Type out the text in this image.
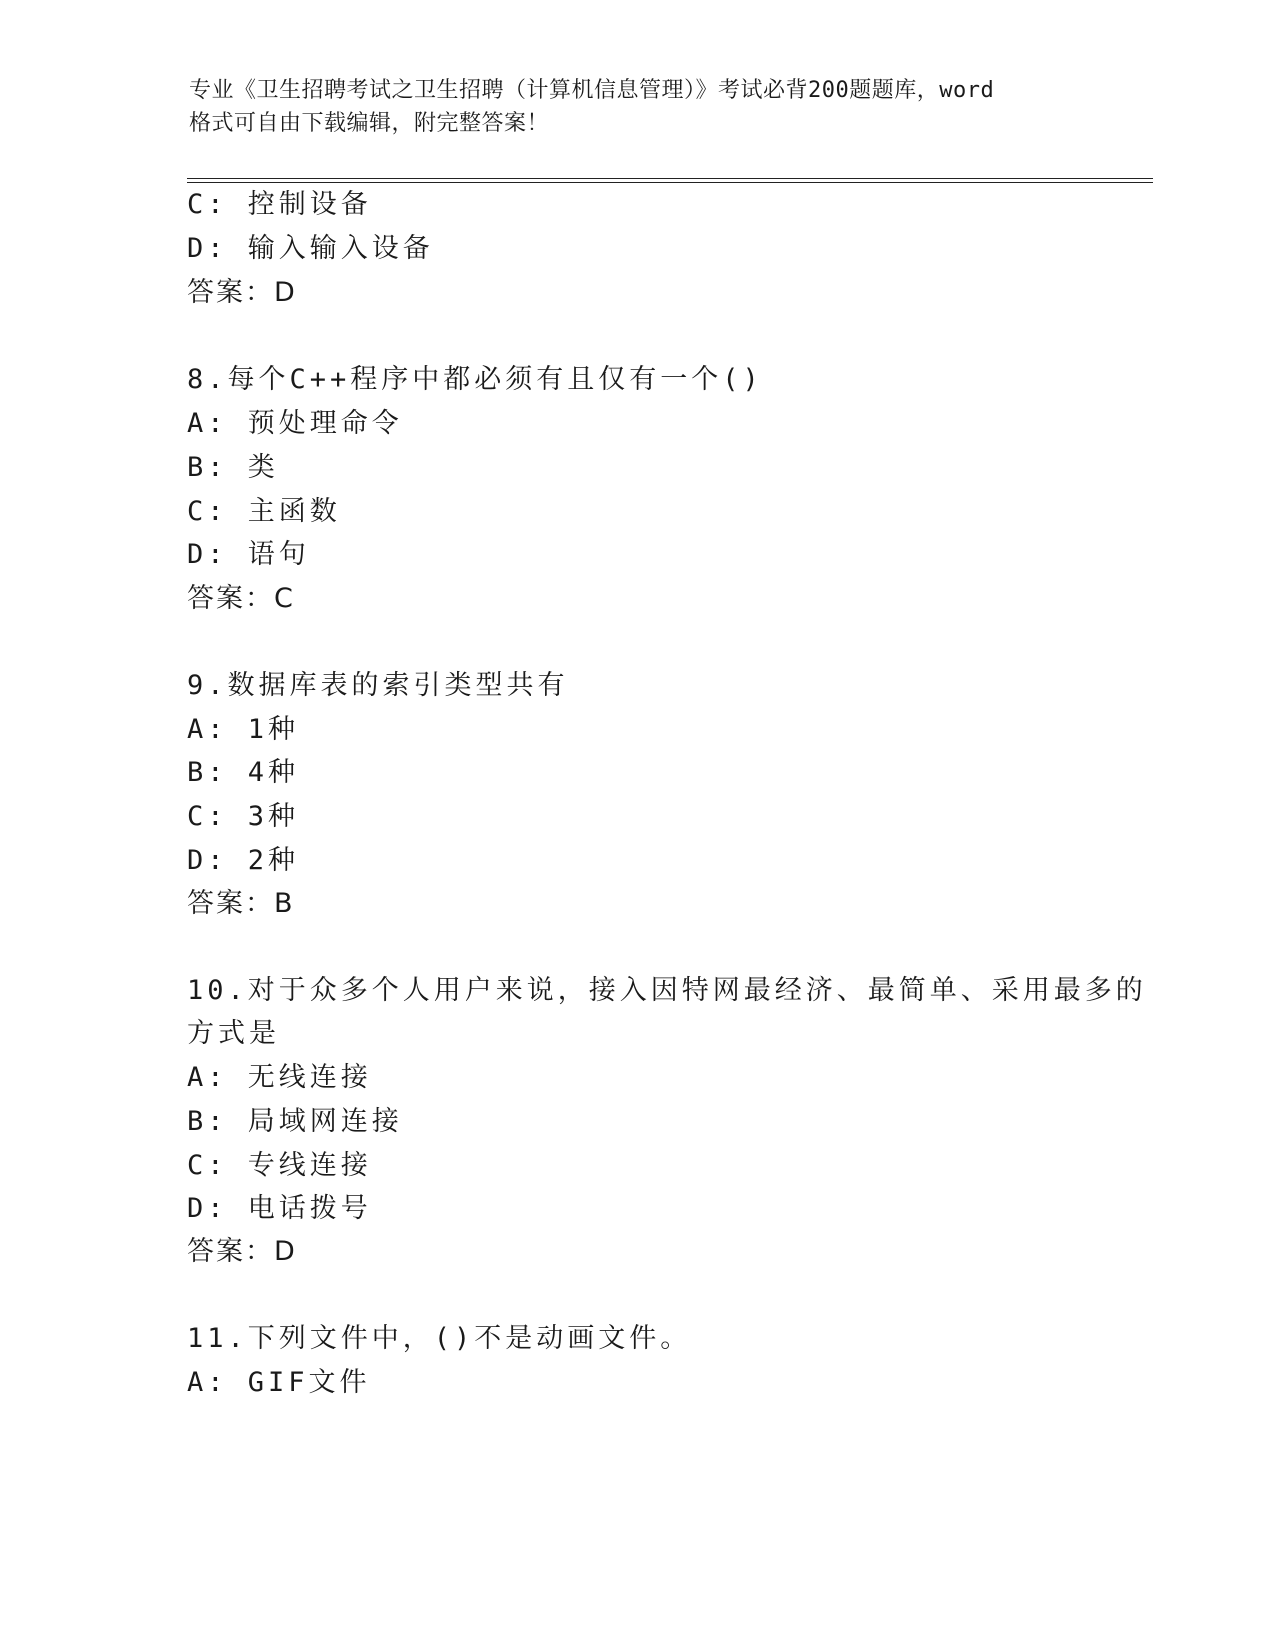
专业《卫生招聘考试之卫生招聘（计算机信息管理）》考试必背200题题库，word
格式可自由下载编辑，附完整答案！
C: 控制设备
D: 输入输入设备
答案：D
8.每个C++程序中都必须有且仅有一个()
A: 预处理命令
B: 类
C: 主函数
D: 语句
答案：C
9.数据库表的索引类型共有
A: 1种
B: 4种
C: 3种
D: 2种
答案：B
10.对于众多个人用户来说，接入因特网最经济、最简单、采用最多的
方式是
A: 无线连接
B: 局域网连接
C: 专线连接
D: 电话拨号
答案：D
11.下列文件中，()不是动画文件。
A: GIF文件
